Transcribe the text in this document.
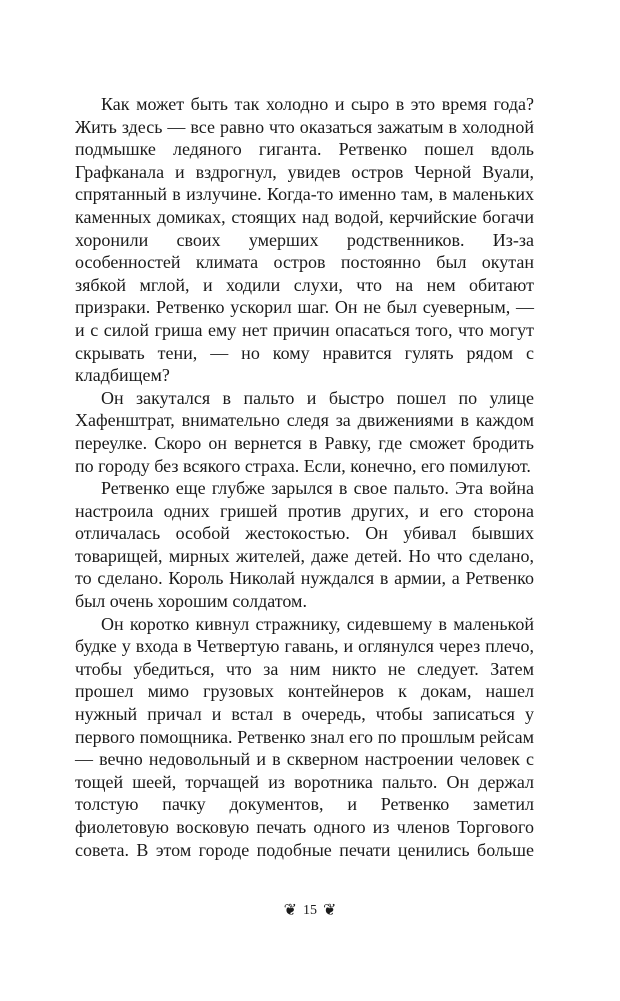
Как может быть так холодно и сыро в это время года? Жить здесь — все равно что оказаться зажатым в холодной подмышке ледяного гиганта. Ретвенко пошел вдоль Графканала и вздрогнул, увидев остров Черной Вуали, спрятанный в излучине. Когда-то именно там, в маленьких каменных домиках, стоящих над водой, керчийские богачи хоронили своих умерших родственников. Из-за особенностей климата остров постоянно был окутан зябкой мглой, и ходили слухи, что на нем обитают призраки. Ретвенко ускорил шаг. Он не был суеверным, — и с силой гриша ему нет причин опасаться того, что могут скрывать тени, — но кому нравится гулять рядом с кладбищем?

Он закутался в пальто и быстро пошел по улице Хафенштрат, внимательно следя за движениями в каждом переулке. Скоро он вернется в Равку, где сможет бродить по городу без всякого страха. Если, конечно, его помилуют.

Ретвенко еще глубже зарылся в свое пальто. Эта война настроила одних гришей против других, и его сторона отличалась особой жестокостью. Он убивал бывших товарищей, мирных жителей, даже детей. Но что сделано, то сделано. Король Николай нуждался в армии, а Ретвенко был очень хорошим солдатом.

Он коротко кивнул стражнику, сидевшему в маленькой будке у входа в Четвертую гавань, и оглянулся через плечо, чтобы убедиться, что за ним никто не следует. Затем прошел мимо грузовых контейнеров к докам, нашел нужный причал и встал в очередь, чтобы записаться у первого помощника. Ретвенко знал его по прошлым рейсам — вечно недовольный и в скверном настроении человек с тощей шеей, торчащей из воротника пальто. Он держал толстую пачку документов, и Ретвенко заметил фиолетовую восковую печать одного из членов Торгового совета. В этом городе подобные печати ценились больше

❦ 15 ❦
